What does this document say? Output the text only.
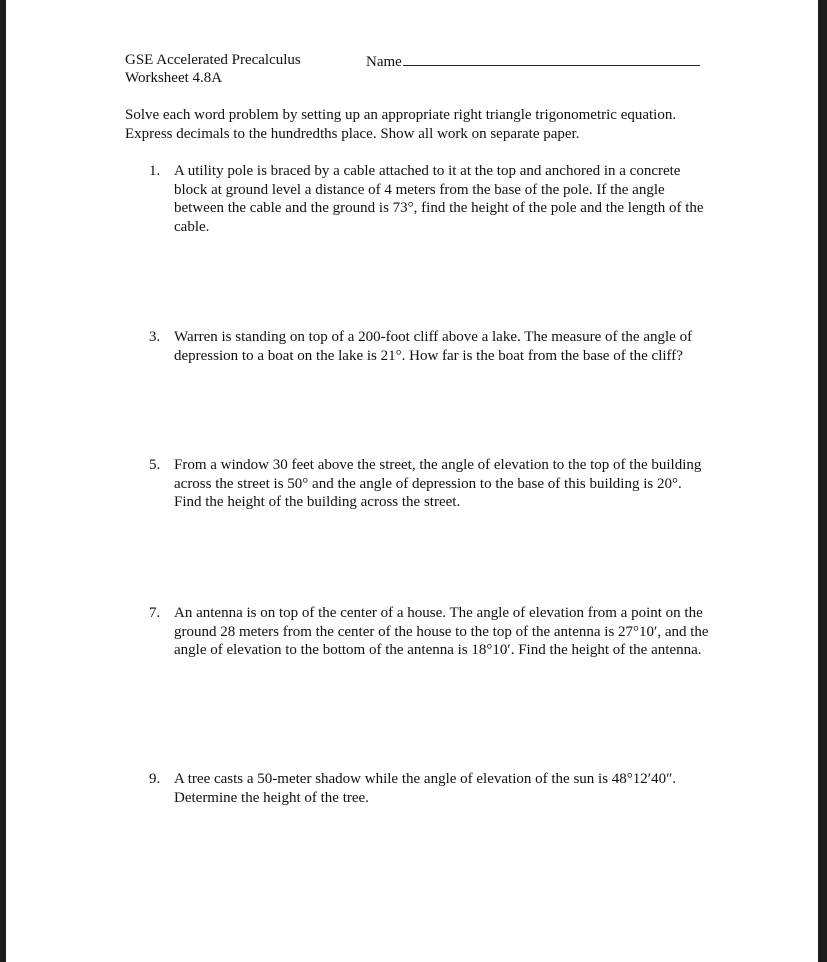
GSE Accelerated Precalculus
Worksheet 4.8A
Name
Solve each word problem by setting up an appropriate right triangle trigonometric equation. Express decimals to the hundredths place. Show all work on separate paper.
1. A utility pole is braced by a cable attached to it at the top and anchored in a concrete block at ground level a distance of 4 meters from the base of the pole. If the angle between the cable and the ground is 73°, find the height of the pole and the length of the cable.
3. Warren is standing on top of a 200-foot cliff above a lake. The measure of the angle of depression to a boat on the lake is 21°. How far is the boat from the base of the cliff?
5. From a window 30 feet above the street, the angle of elevation to the top of the building across the street is 50° and the angle of depression to the base of this building is 20°. Find the height of the building across the street.
7. An antenna is on top of the center of a house. The angle of elevation from a point on the ground 28 meters from the center of the house to the top of the antenna is 27°10′, and the angle of elevation to the bottom of the antenna is 18°10′. Find the height of the antenna.
9. A tree casts a 50-meter shadow while the angle of elevation of the sun is 48°12′40″. Determine the height of the tree.
